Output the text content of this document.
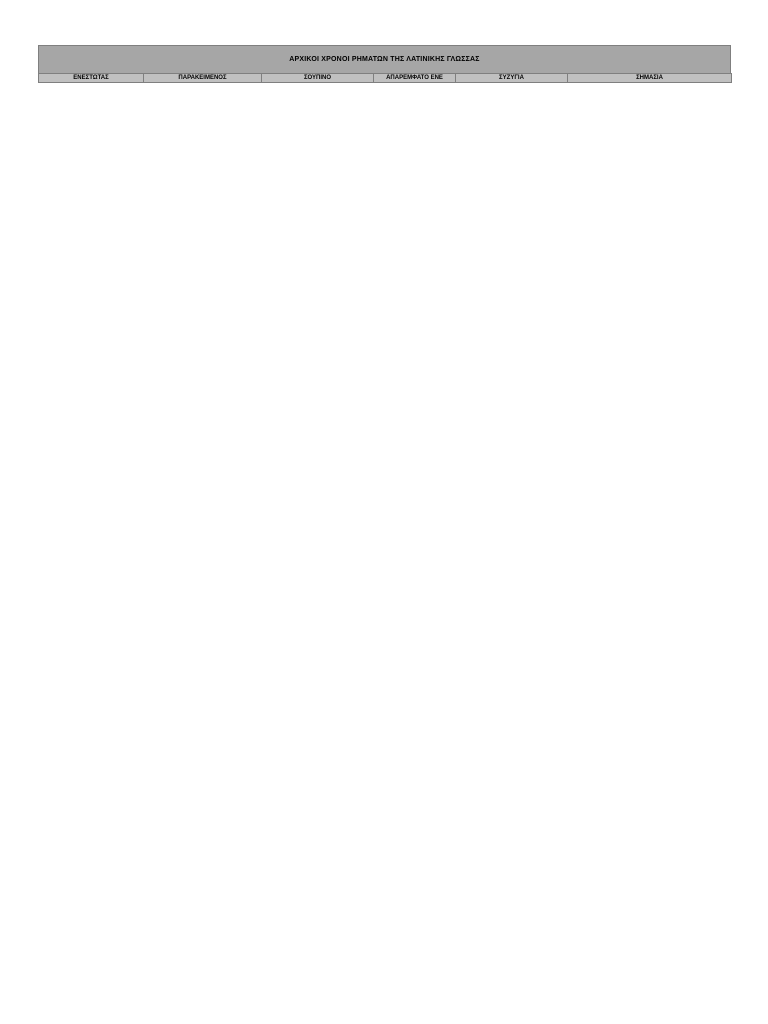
ΑΡΧΙΚΟΙ ΧΡΟΝΟΙ ΡΗΜΑΤΩΝ ΤΗΣ ΛΑΤΙΝΙΚΗΣ ΓΛΩΣΣΑΣ
ΕΝΕΣΤΩΤΑΣ	ΠΑΡΑΚΕΙΜΕΝΟΣ	ΣΟΥΠΙΝΟ	ΑΠΑΡΕΜΦΑΤΟ ΕΝΕ	ΣΥΖΥΓΙΑ	ΣΗΜΑΣΙΑ
